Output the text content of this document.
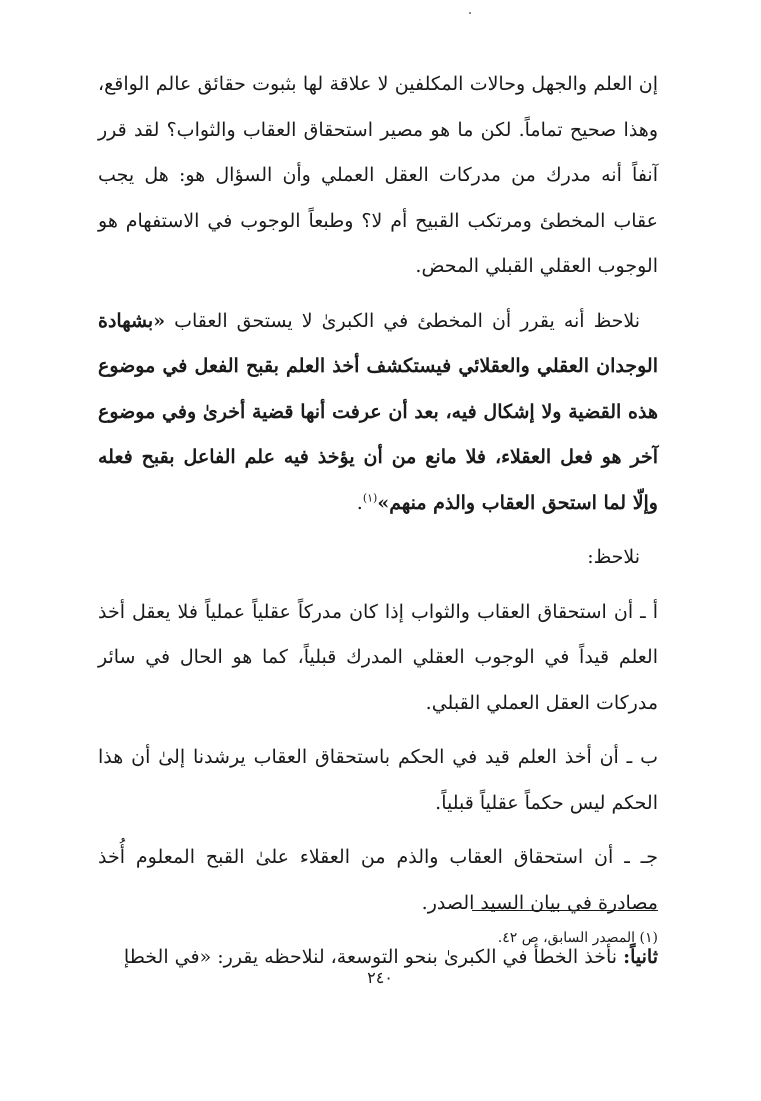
إن العلم والجهل وحالات المكلفين لا علاقة لها بثبوت حقائق عالم الواقع، وهذا صحيح تماماً. لكن ما هو مصير استحقاق العقاب والثواب؟ لقد قرر آنفاً أنه مدرك من مدركات العقل العملي وأن السؤال هو: هل يجب عقاب المخطئ ومرتكب القبيح أم لا؟ وطبعاً الوجوب في الاستفهام هو الوجوب العقلي القبلي المحض.

نلاحظ أنه يقرر أن المخطئ في الكبرىٰ لا يستحق العقاب «بشهادة الوجدان العقلي والعقلائي فيستكشف أخذ العلم بقبح الفعل في موضوع هذه القضية ولا إشكال فيه، بعد أن عرفت أنها قضية أخرىٰ وفي موضوع آخر هو فعل العقلاء، فلا مانع من أن يؤخذ فيه علم الفاعل بقبح فعله وإلّا لما استحق العقاب والذم منهم»$^{(١)}$.

نلاحظ:

أ ـ أن استحقاق العقاب والثواب إذا كان مدركاً عقلياً عملياً فلا يعقل أخذ العلم قيداً في الوجوب العقلي المدرك قبلياً، كما هو الحال في سائر مدركات العقل العملي القبلي.

ب ـ أن أخذ العلم قيد في الحكم باستحقاق العقاب يرشدنا إلىٰ أن هذا الحكم ليس حكماً عقلياً قبلياً.

جـ ـ أن استحقاق العقاب والذم من العقلاء علىٰ القبح المعلوم أُخذ مصادرة في بيان السيد الصدر.

ثانياً: نأخذ الخطأ في الكبرىٰ بنحو التوسعة، لنلاحظه يقرر: «في الخطإ

(١) المصدر السابق، ص ٤٢.
٢٤٠
